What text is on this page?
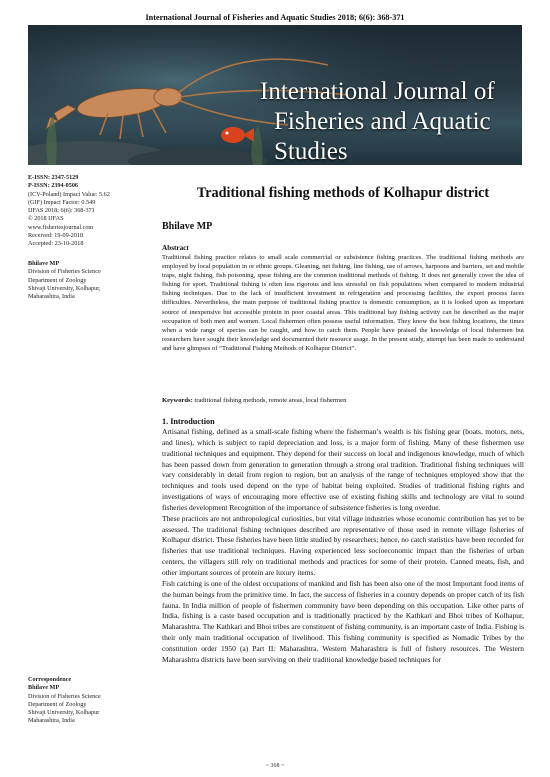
International Journal of Fisheries and Aquatic Studies 2018; 6(6): 368-371
International Journal of

Fisheries and Aquatic Studies
E-ISSN: 2347-5129
P-ISSN: 2394-0506
(ICV-Poland) Impact Value: 5.62
(GIF) Impact Factor: 0.549
IJFAS 2018; 6(6): 368-371
© 2018 IJFAS
www.fisheriesjournal.com
Received: 19-09-2018
Accepted: 23-10-2018
Bhilave MP
Division of Fisheries Science
Department of Zoology
Shivaji University, Kolhapur,
Maharashtra, India
Correspondence
Bhilave MP
Division of Fisheries Science
Department of Zoology
Shivaji University, Kolhapur
Maharashtra, India
Traditional fishing methods of Kolhapur district
Bhilave MP
Abstract
Traditional fishing practice relates to small scale commercial or subsistence fishing practices. The traditional fishing methods are employed by local population in or ethnic groups. Gleaning, net fishing, line fishing, use of arrows, harpoons and barriers, set and mobile traps, night fishing, fish poisoning, spear fishing are the common traditional methods of fishing. It does not generally cover the idea of fishing for sport. Traditional fishing is often less rigorous and less stressful on fish populations when compared to modern industrial fishing techniques. Due to the lack of insufficient investment in refrigeration and processing facilities, the export process faces difficulties. Nevertheless, the main purpose of traditional fishing practice is domestic consumption, as it is looked upon as important source of inexpensive but accessible protein in poor coastal areas. This traditional bay fishing activity can be described as the major occupation of both men and women. Local fishermen often possess useful information. They know the best fishing locations, the times when a wide range of species can be caught, and how to catch them. People have praised the knowledge of local fishermen but researchers have sought their knowledge and documented their resource usage. In the present study, attempt has been made to understand and have glimpses of “Traditional Fishing Methods of Kolhapur District”.
Keywords: traditional fishing methods, remote areas, local fishermen
1. Introduction

Artisanal fishing, defined as a small-scale fishing where the fisherman’s wealth is his fishing gear (boats, motors, nets, and lines), which is subject to rapid depreciation and loss, is a major form of fishing. Many of these fishermen use traditional techniques and equipment. They depend for their success on local and indigenous knowledge, much of which has been passed down from generation to generation through a strong oral tradition. Traditional fishing techniques will vary considerably in detail from region to region, but an analysis of the range of techniques employed show that the techniques and tools used depend on the type of habitat being exploited. Studies of traditional fishing rights and investigations of ways of encouraging more effective use of existing fishing skills and technology are vital to sound fisheries development Recognition of the importance of subsistence fisheries is long overdue.

These practices are not anthropological curiosities, but vital village industries whose economic contribution has yet to be assessed. The traditional fishing techniques described are representative of those used in remote village fisheries of Kolhapur district. These fisheries have been little studied by researchers; hence, no catch statistics have been recorded for fisheries that use traditional techniques. Having experienced less socioeconomic impact than the fisheries of urban centers, the villagers still rely on traditional methods and practices for some of their protein. Canned meats, fish, and other important sources of protein are luxury items.

Fish catching is one of the oldest occupations of mankind and fish has been also one of the most Important food items of the human beings from the primitive time. In fact, the success of fisheries in a country depends on proper catch of its fish fauna. In India million of people of fishermen community have been depending on this occupation. Like other parts of India, fishing is a caste based occupation and is traditionally practiced by the Kathkari and Bhoi tribes of Kolhapur, Maharashtra. The Kathkari and Bhoi tribes are constituent of fishing community, is an important caste of India. Fishing is their only main traditional occupation of livelihood. This fishing community is specified as Nomadic Tribes by the constitution order 1950 (a) Part II: Maharashtra. Western Maharashtra is full of fishery resources. The Western Maharashtra districts have been surviving on their traditional knowledge based techniques for

~ 368 ~
